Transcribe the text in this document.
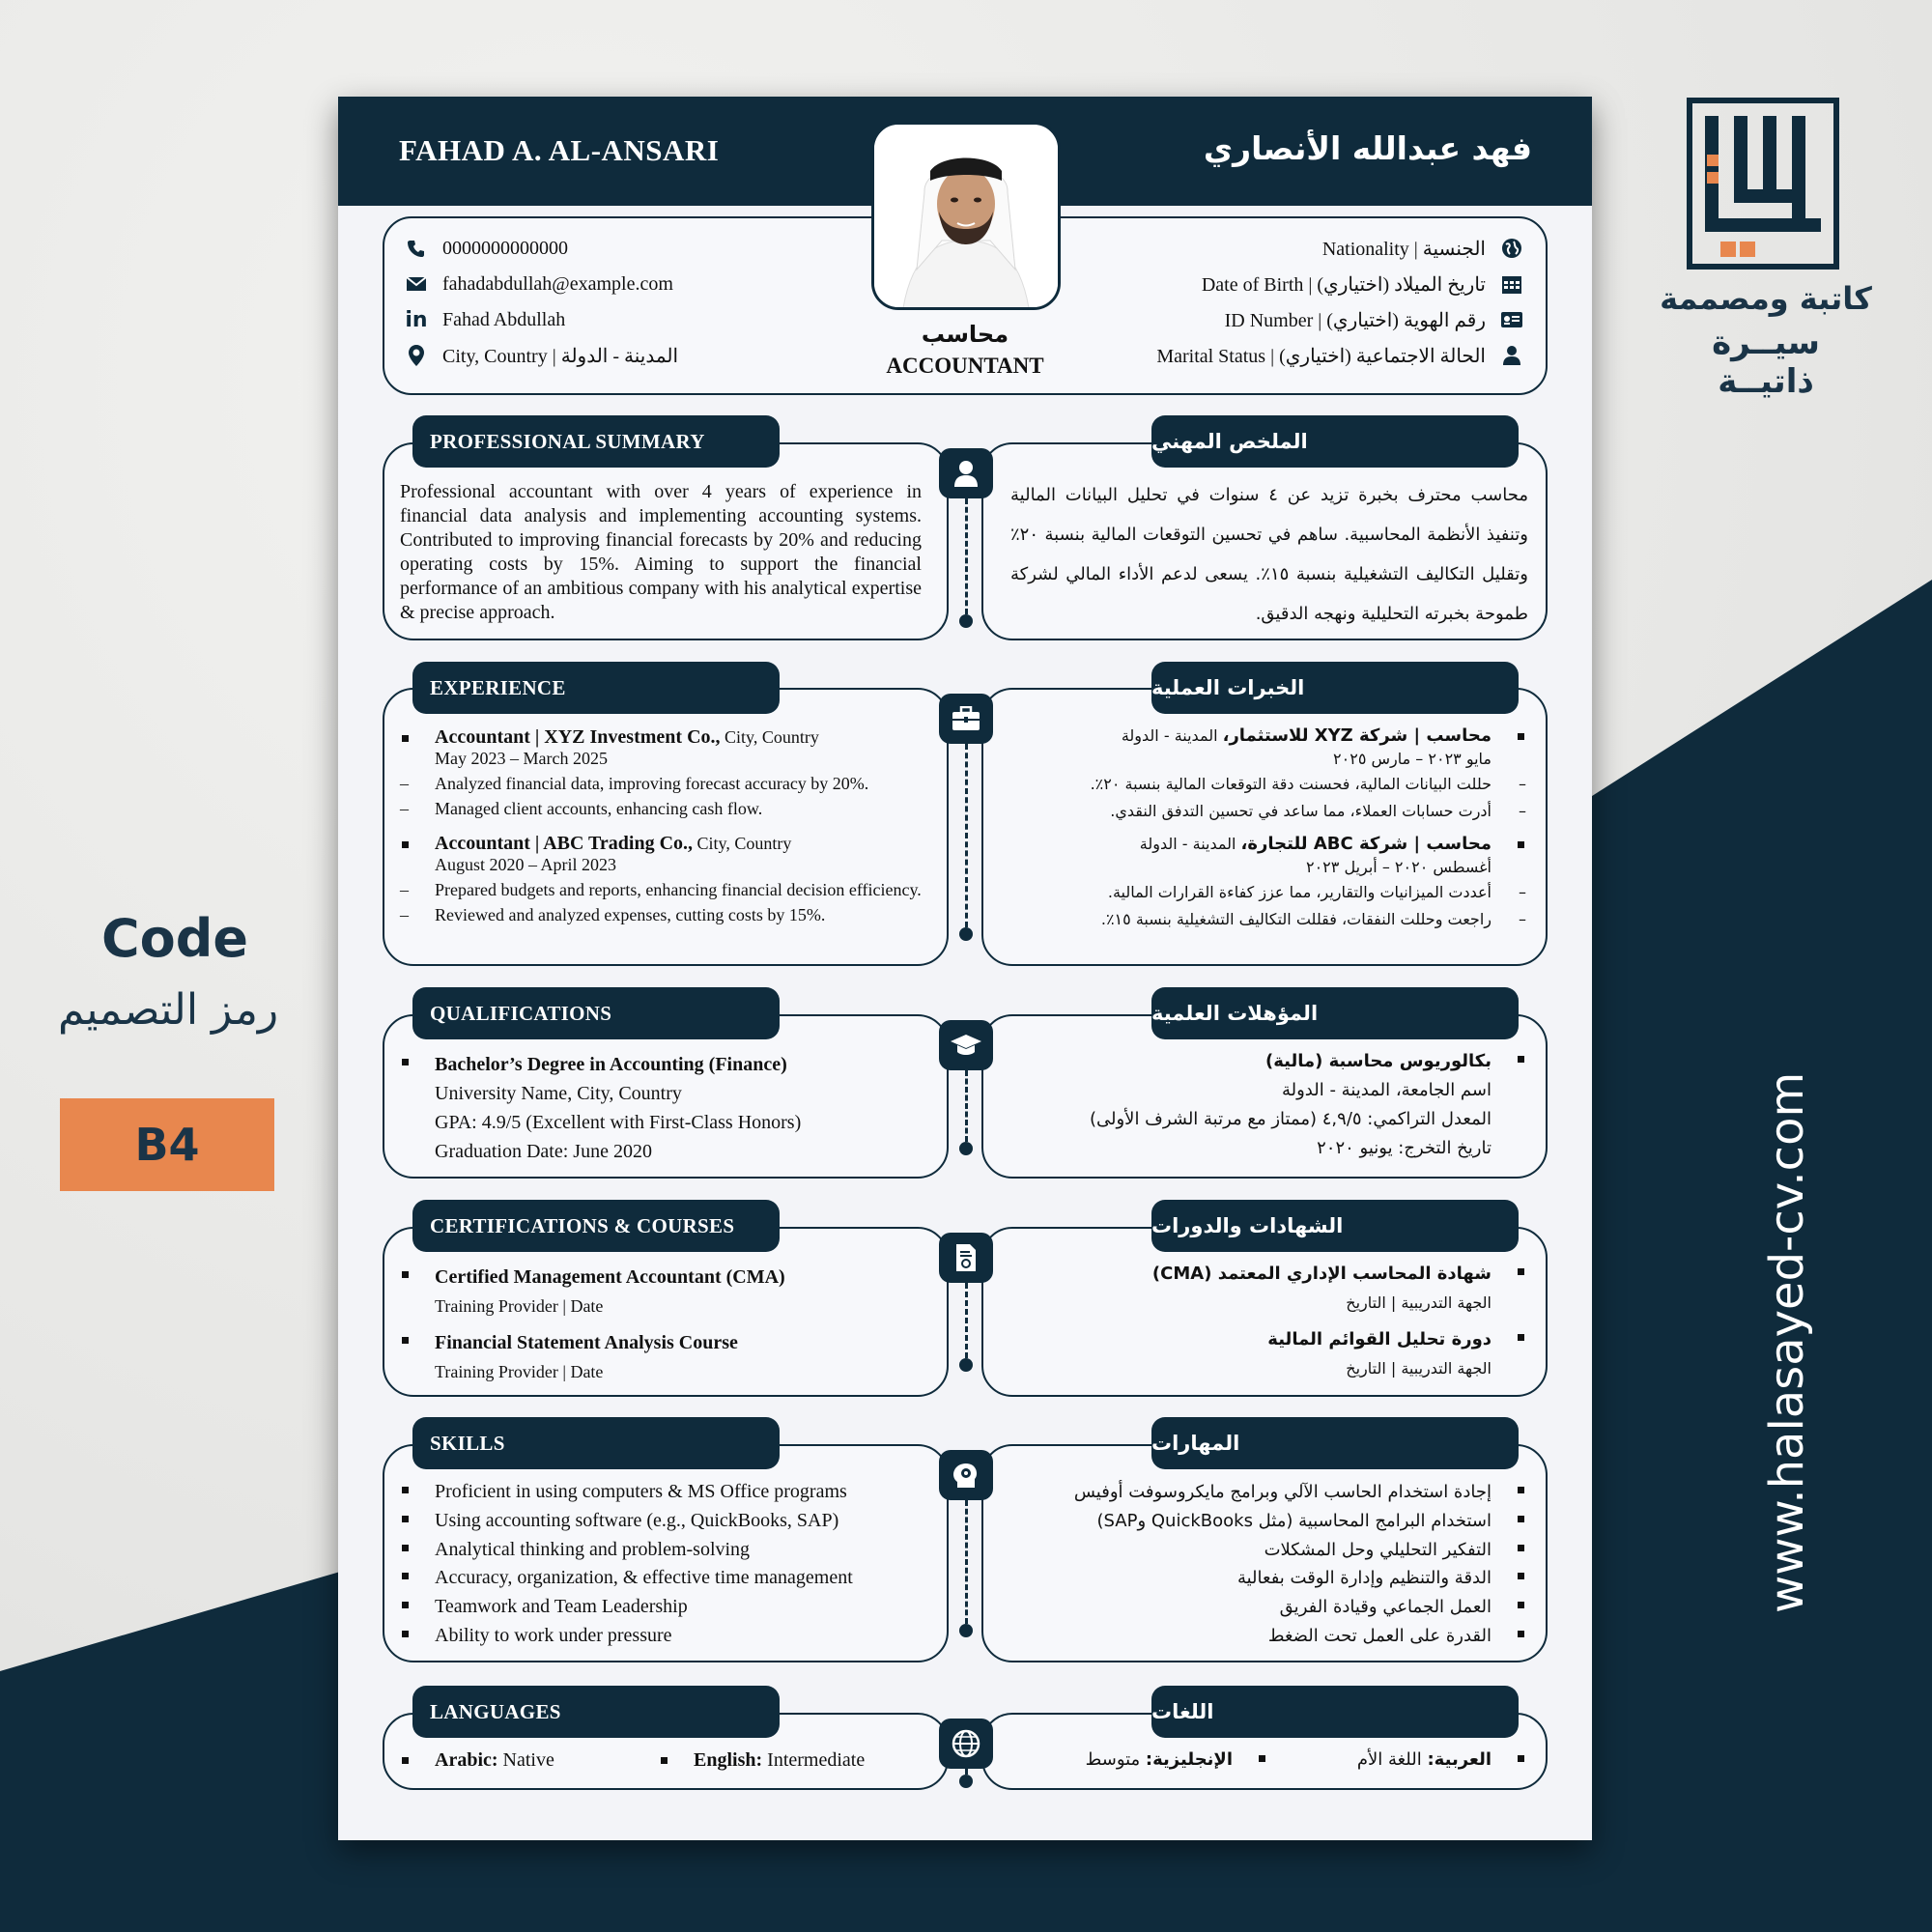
Code
رمز التصميم
B4
كاتبة ومصممة
سيــرة ذاتيــة
www.halasayed-cv.com
FAHAD A. AL-ANSARI	فهد عبدالله الأنصاري
0000000000000
fahadabdullah@example.com
in Fahad Abdullah
City, Country | المدينة - الدولة
Nationality | الجنسية
Date of Birth | تاريخ الميلاد (اختياري)
ID Number | رقم الهوية (اختياري)
Marital Status | الحالة الاجتماعية (اختياري)
محاسب
ACCOUNTANT
PROFESSIONAL SUMMARY	الملخص المهني
Professional accountant with over 4 years of experience in financial data analysis and implementing accounting systems. Contributed to improving financial forecasts by 20% and reducing operating costs by 15%. Aiming to support the financial performance of an ambitious company with his analytical expertise & precise approach.
محاسب محترف بخبرة تزيد عن ٤ سنوات في تحليل البيانات المالية وتنفيذ الأنظمة المحاسبية. ساهم في تحسين التوقعات المالية بنسبة ٢٠٪ وتقليل التكاليف التشغيلية بنسبة ١٥٪. يسعى لدعم الأداء المالي لشركة طموحة بخبرته التحليلية ونهجه الدقيق.
EXPERIENCE	الخبرات العملية
Accountant | XYZ Investment Co., City, Country
May 2023 – March 2025
– Analyzed financial data, improving forecast accuracy by 20%.
– Managed client accounts, enhancing cash flow.
Accountant | ABC Trading Co., City, Country
August 2020 – April 2023
– Prepared budgets and reports, enhancing financial decision efficiency.
– Reviewed and analyzed expenses, cutting costs by 15%.
محاسب | شركة XYZ للاستثمار، المدينة - الدولة
مايو ٢٠٢٣ – مارس ٢٠٢٥
– حللت البيانات المالية، فحسنت دقة التوقعات المالية بنسبة ٢٠٪.
– أدرت حسابات العملاء، مما ساعد في تحسين التدفق النقدي.
محاسب | شركة ABC للتجارة، المدينة - الدولة
أغسطس ٢٠٢٠ – أبريل ٢٠٢٣
– أعددت الميزانيات والتقارير، مما عزز كفاءة القرارات المالية.
– راجعت وحللت النفقات، فقللت التكاليف التشغيلية بنسبة ١٥٪.
QUALIFICATIONS	المؤهلات العلمية
Bachelor’s Degree in Accounting (Finance)
University Name, City, Country
GPA: 4.9/5 (Excellent with First-Class Honors)
Graduation Date: June 2020
بكالوريوس محاسبة (مالية)
اسم الجامعة، المدينة - الدولة
المعدل التراكمي: ٤,٩/٥ (ممتاز مع مرتبة الشرف الأولى)
تاريخ التخرج: يونيو ٢٠٢٠
CERTIFICATIONS & COURSES	الشهادات والدورات
Certified Management Accountant (CMA)
Training Provider | Date
Financial Statement Analysis Course
Training Provider | Date
شهادة المحاسب الإداري المعتمد (CMA)
الجهة التدريبية | التاريخ
دورة تحليل القوائم المالية
الجهة التدريبية | التاريخ
SKILLS	المهارات
Proficient in using computers & MS Office programs
Using accounting software (e.g., QuickBooks, SAP)
Analytical thinking and problem-solving
Accuracy, organization, & effective time management
Teamwork and Team Leadership
Ability to work under pressure
إجادة استخدام الحاسب الآلي وبرامج مايكروسوفت أوفيس
استخدام البرامج المحاسبية (مثل QuickBooks وSAP)
التفكير التحليلي وحل المشكلات
الدقة والتنظيم وإدارة الوقت بفعالية
العمل الجماعي وقيادة الفريق
القدرة على العمل تحت الضغط
LANGUAGES	اللغات
Arabic: Native	English: Intermediate	العربية: اللغة الأم
الإنجليزية: متوسط
